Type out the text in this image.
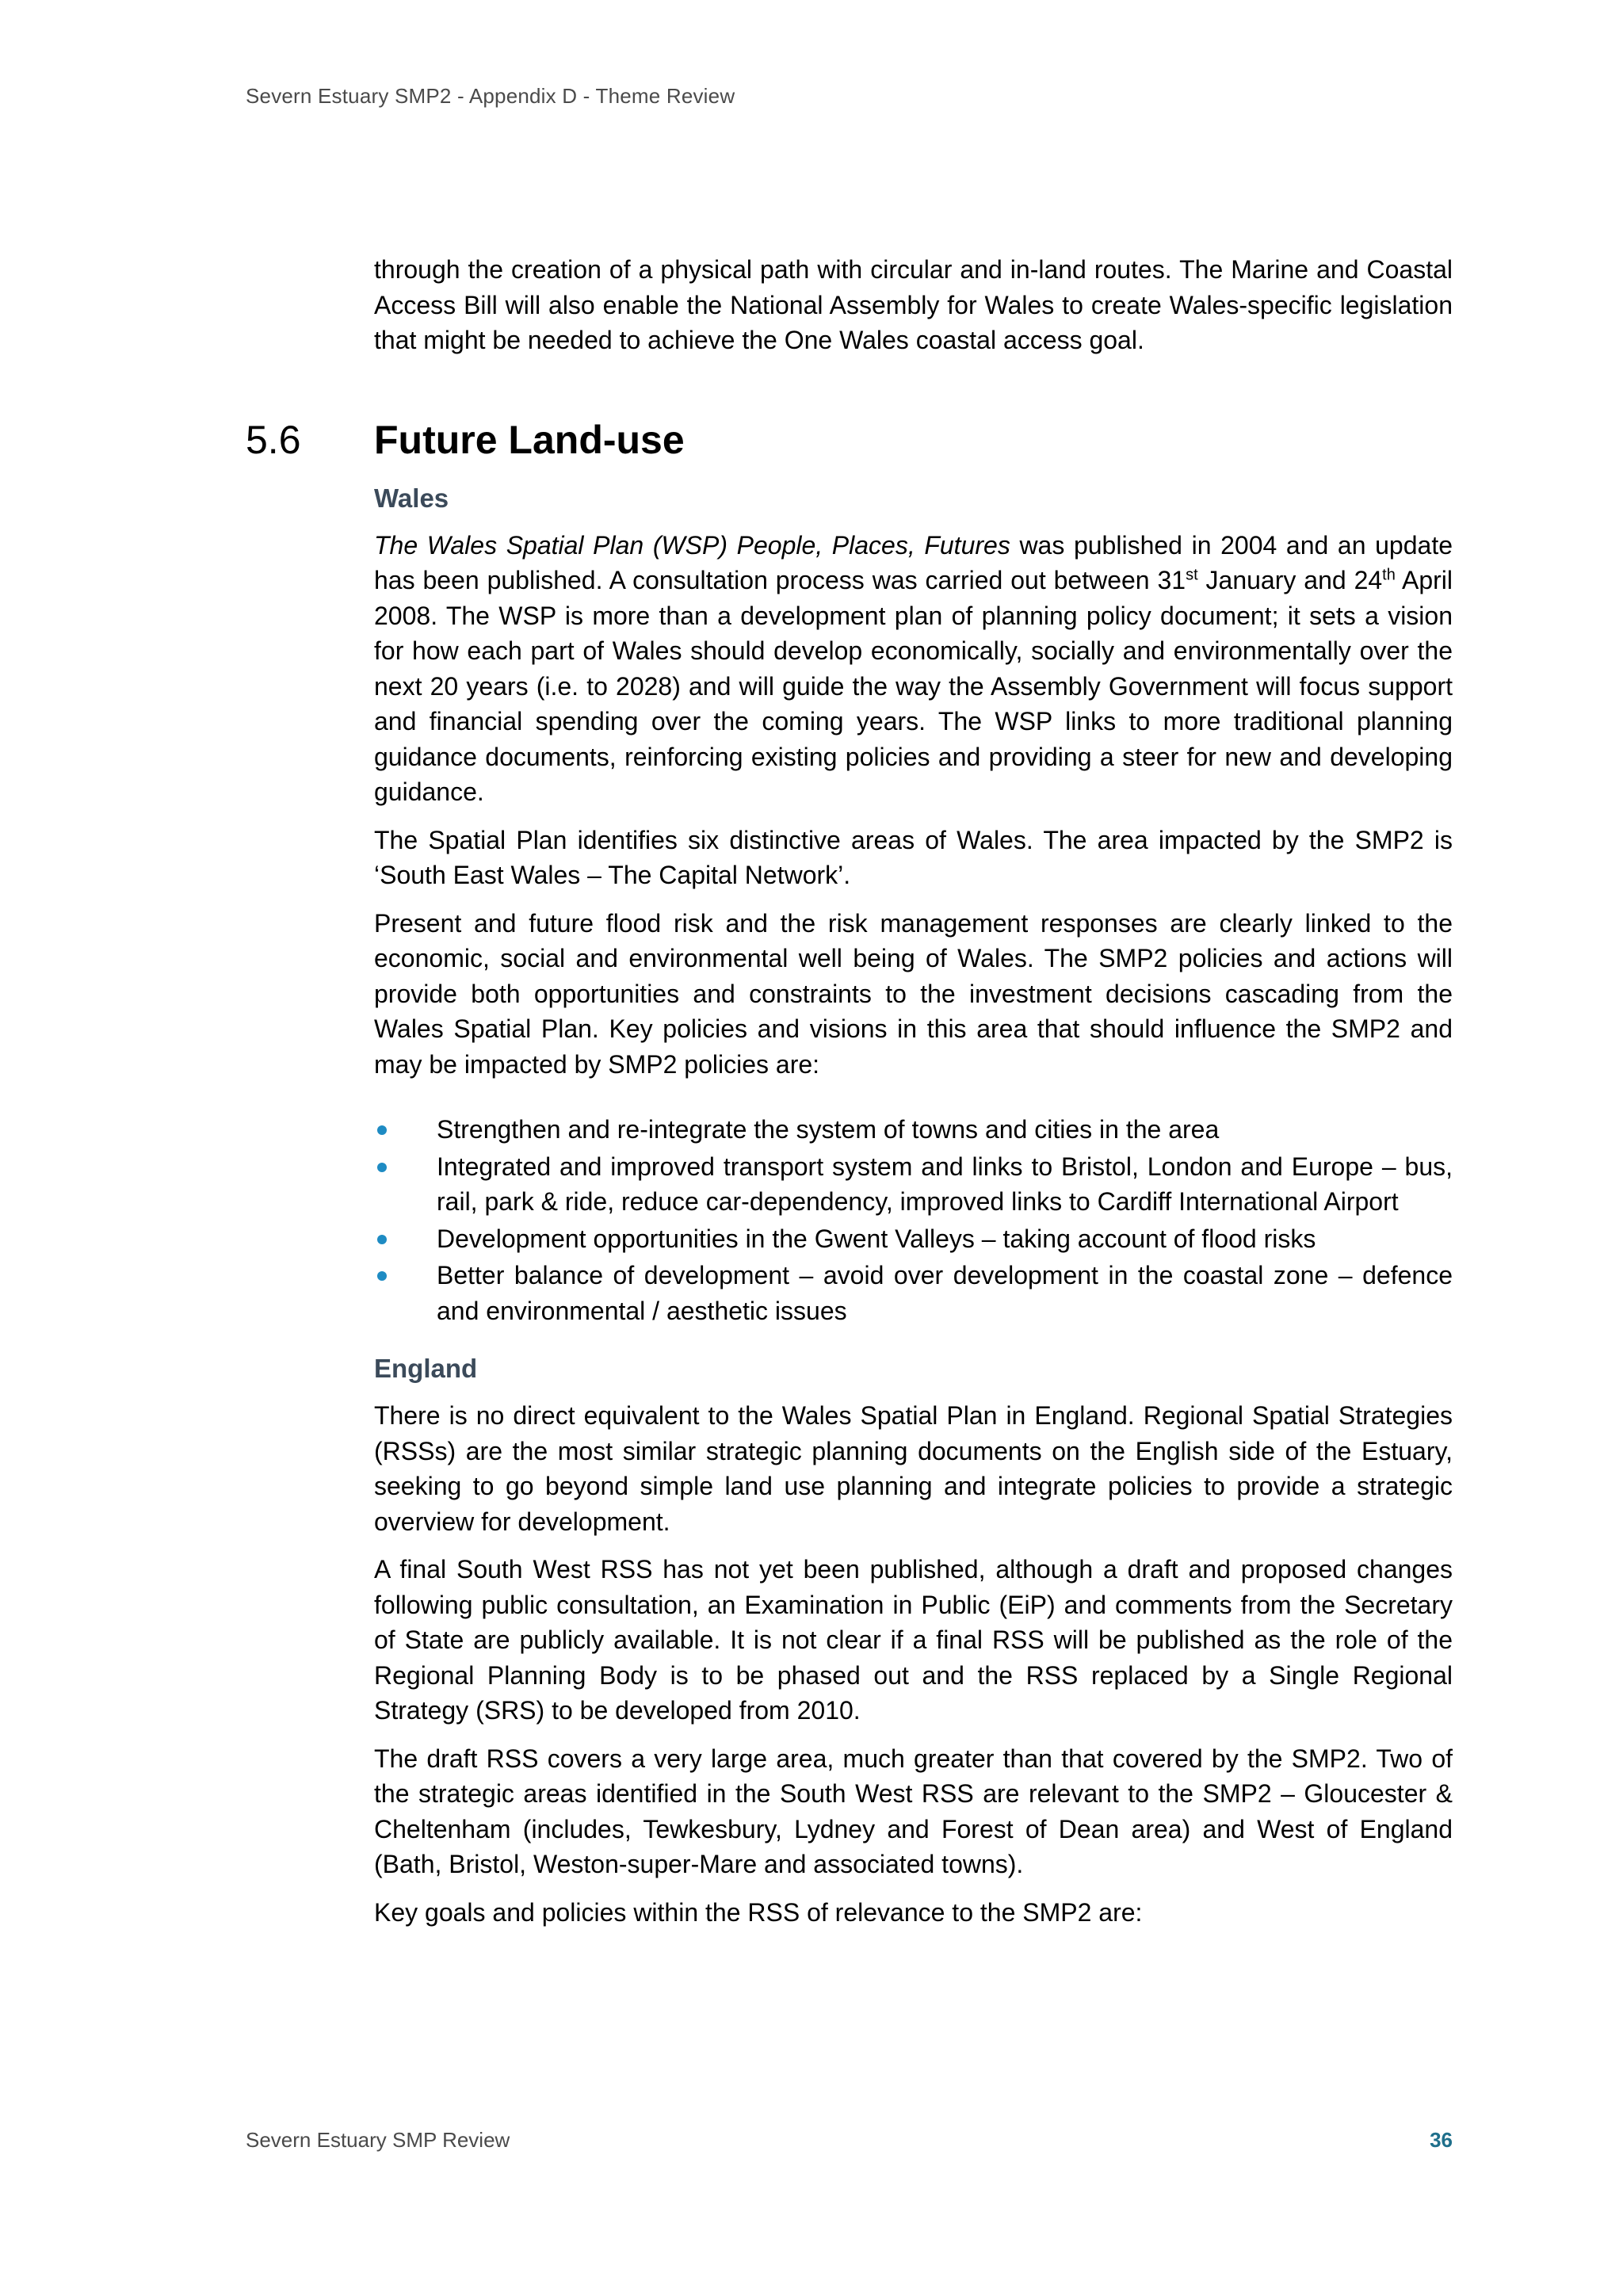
Severn Estuary SMP2 - Appendix D - Theme Review

through the creation of a physical path with circular and in-land routes. The Marine and Coastal Access Bill will also enable the National Assembly for Wales to create Wales-specific legislation that might be needed to achieve the One Wales coastal access goal.

5.6 Future Land-use
Wales

The Wales Spatial Plan (WSP) People, Places, Futures was published in 2004 and an update has been published. A consultation process was carried out between 31st January and 24th April 2008. The WSP is more than a development plan of planning policy document; it sets a vision for how each part of Wales should develop economically, socially and environmentally over the next 20 years (i.e. to 2028) and will guide the way the Assembly Government will focus support and financial spending over the coming years. The WSP links to more traditional planning guidance documents, reinforcing existing policies and providing a steer for new and developing guidance.

The Spatial Plan identifies six distinctive areas of Wales. The area impacted by the SMP2 is ‘South East Wales – The Capital Network’.

Present and future flood risk and the risk management responses are clearly linked to the economic, social and environmental well being of Wales. The SMP2 policies and actions will provide both opportunities and constraints to the investment decisions cascading from the Wales Spatial Plan. Key policies and visions in this area that should influence the SMP2 and may be impacted by SMP2 policies are:

Strengthen and re-integrate the system of towns and cities in the area
Integrated and improved transport system and links to Bristol, London and Europe – bus, rail, park & ride, reduce car-dependency, improved links to Cardiff International Airport
Development opportunities in the Gwent Valleys – taking account of flood risks
Better balance of development – avoid over development in the coastal zone – defence and environmental / aesthetic issues
England

There is no direct equivalent to the Wales Spatial Plan in England. Regional Spatial Strategies (RSSs) are the most similar strategic planning documents on the English side of the Estuary, seeking to go beyond simple land use planning and integrate policies to provide a strategic overview for development.

A final South West RSS has not yet been published, although a draft and proposed changes following public consultation, an Examination in Public (EiP) and comments from the Secretary of State are publicly available. It is not clear if a final RSS will be published as the role of the Regional Planning Body is to be phased out and the RSS replaced by a Single Regional Strategy (SRS) to be developed from 2010.

The draft RSS covers a very large area, much greater than that covered by the SMP2. Two of the strategic areas identified in the South West RSS are relevant to the SMP2 – Gloucester & Cheltenham (includes, Tewkesbury, Lydney and Forest of Dean area) and West of England (Bath, Bristol, Weston-super-Mare and associated towns).

Key goals and policies within the RSS of relevance to the SMP2 are:

Severn Estuary SMP Review	36
